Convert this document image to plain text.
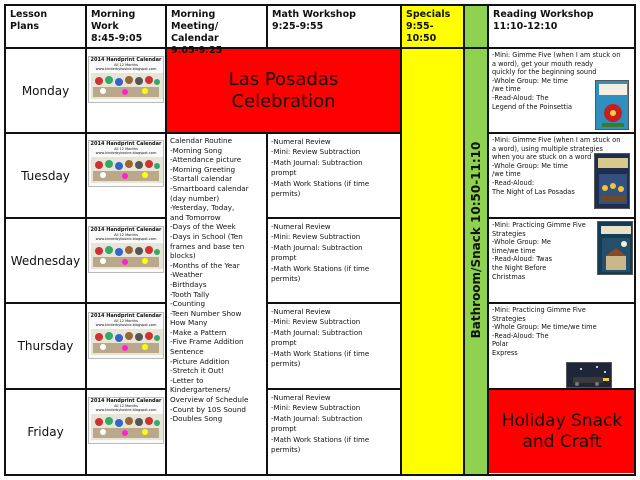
Las Posadas
Celebration
Holiday Snack
and Craft
Lesson
Plans
Morning
Work
8:45-9:05
Morning Meeting/
Calendar
9:05-9:25
Math Workshop
9:25-9:55
Specials
9:55-10:50
Reading Workshop
11:10-12:10
Monday
Tuesday
Wednesday
Thursday
Friday
2014 Handprint Calendar
All 12 Months
www.kinderbykosine.blogspot.com
2014 Handprint Calendar
All 12 Months
www.kinderbykosine.blogspot.com
2014 Handprint Calendar
All 12 Months
www.kinderbykosine.blogspot.com
2014 Handprint Calendar
All 12 Months
www.kinderbykosine.blogspot.com
2014 Handprint Calendar
All 12 Months
www.kinderbykosine.blogspot.com
Calendar Routine
-Morning Song
-Attendance picture
-Morning Greeting
-Startall calendar
-Smartboard calendar
(day number)
-Yesterday, Today,
and Tomorrow
-Days of the Week
-Days in School (Ten
frames and base ten
blocks)
-Months of the Year
-Weather
-Birthdays
-Tooth Tally
-Counting
-Teen Number Show
How Many
-Make a Pattern
-Five Frame Addition
Sentence
-Picture Addition
-Stretch it Out!
-Letter to
Kindergarteners/
Overview of Schedule
-Count by 10S Sound
-Doubles Song
-Numeral Review
-Mini: Review Subtraction
-Math Journal: Subtraction
prompt
-Math Work Stations (if time
permits)
-Numeral Review
-Mini: Review Subtraction
-Math Journal: Subtraction
prompt
-Math Work Stations (if time
permits)
-Numeral Review
-Mini: Review Subtraction
-Math Journal: Subtraction
prompt
-Math Work Stations (if time
permits)
-Numeral Review
-Mini: Review Subtraction
-Math Journal: Subtraction
prompt
-Math Work Stations (if time
permits)
Bathroom/Snack 10:50-11:10
-Mini: Gimme Five (when I am stuck on
a word), get your mouth ready
quickly for the beginning sound
-Whole Group: Me time
/we time
-Read-Aloud: The
Legend of the Poinsettia
-Mini: Gimme Five (when I am stuck on
a word), using multiple strategies
when you are stuck on a word
-Whole Group: Me time
/we time
-Read-Aloud:
The Night of Las Posadas
-Mini: Practicing Gimme Five
Strategies
-Whole Group: Me
time/we time
-Read-Aloud: Twas
the Night Before
Christmas
-Mini: Practicing Gimme Five
Strategies
-Whole Group: Me time/we time
-Read-Aloud: The
Polar
Express
